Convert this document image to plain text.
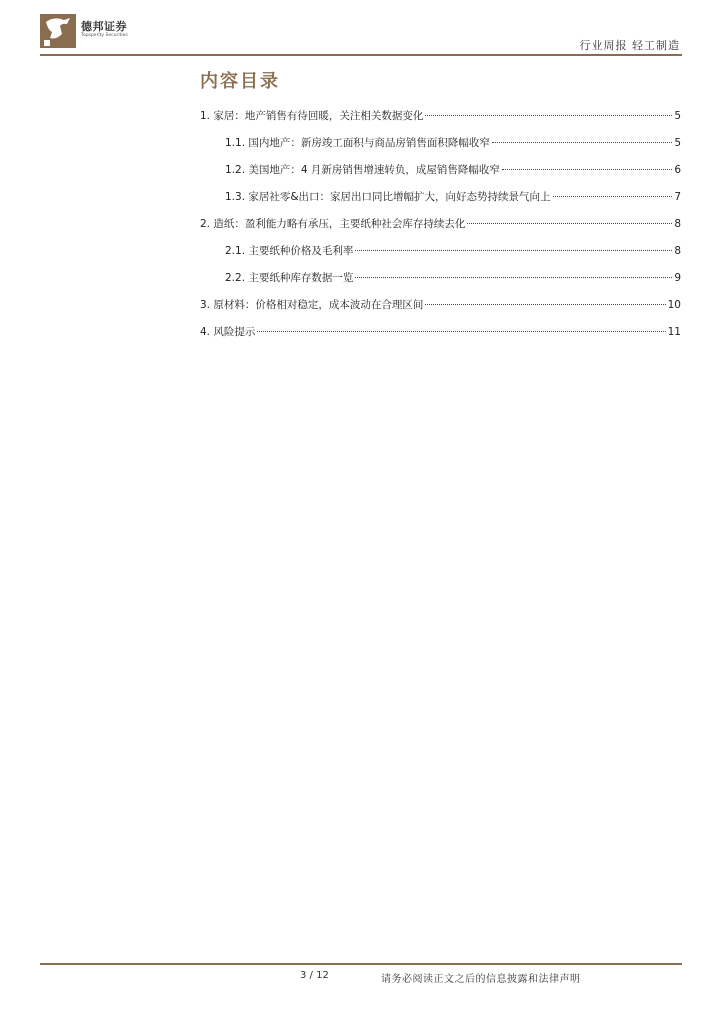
德邦证券
Topsperity Securities
行业周报 轻工制造
内容目录
1. 家居：地产销售有待回暖，关注相关数据变化	5
1.1. 国内地产：新房竣工面积与商品房销售面积降幅收窄	5
1.2. 美国地产：4 月新房销售增速转负，成屋销售降幅收窄	6
1.3. 家居社零&出口：家居出口同比增幅扩大，向好态势持续景气向上	7
2. 造纸：盈利能力略有承压，主要纸种社会库存持续去化	8
2.1. 主要纸种价格及毛利率	8
2.2. 主要纸种库存数据一览	9
3. 原材料：价格相对稳定，成本波动在合理区间	10
4. 风险提示	11
3 / 12	请务必阅读正文之后的信息披露和法律声明
